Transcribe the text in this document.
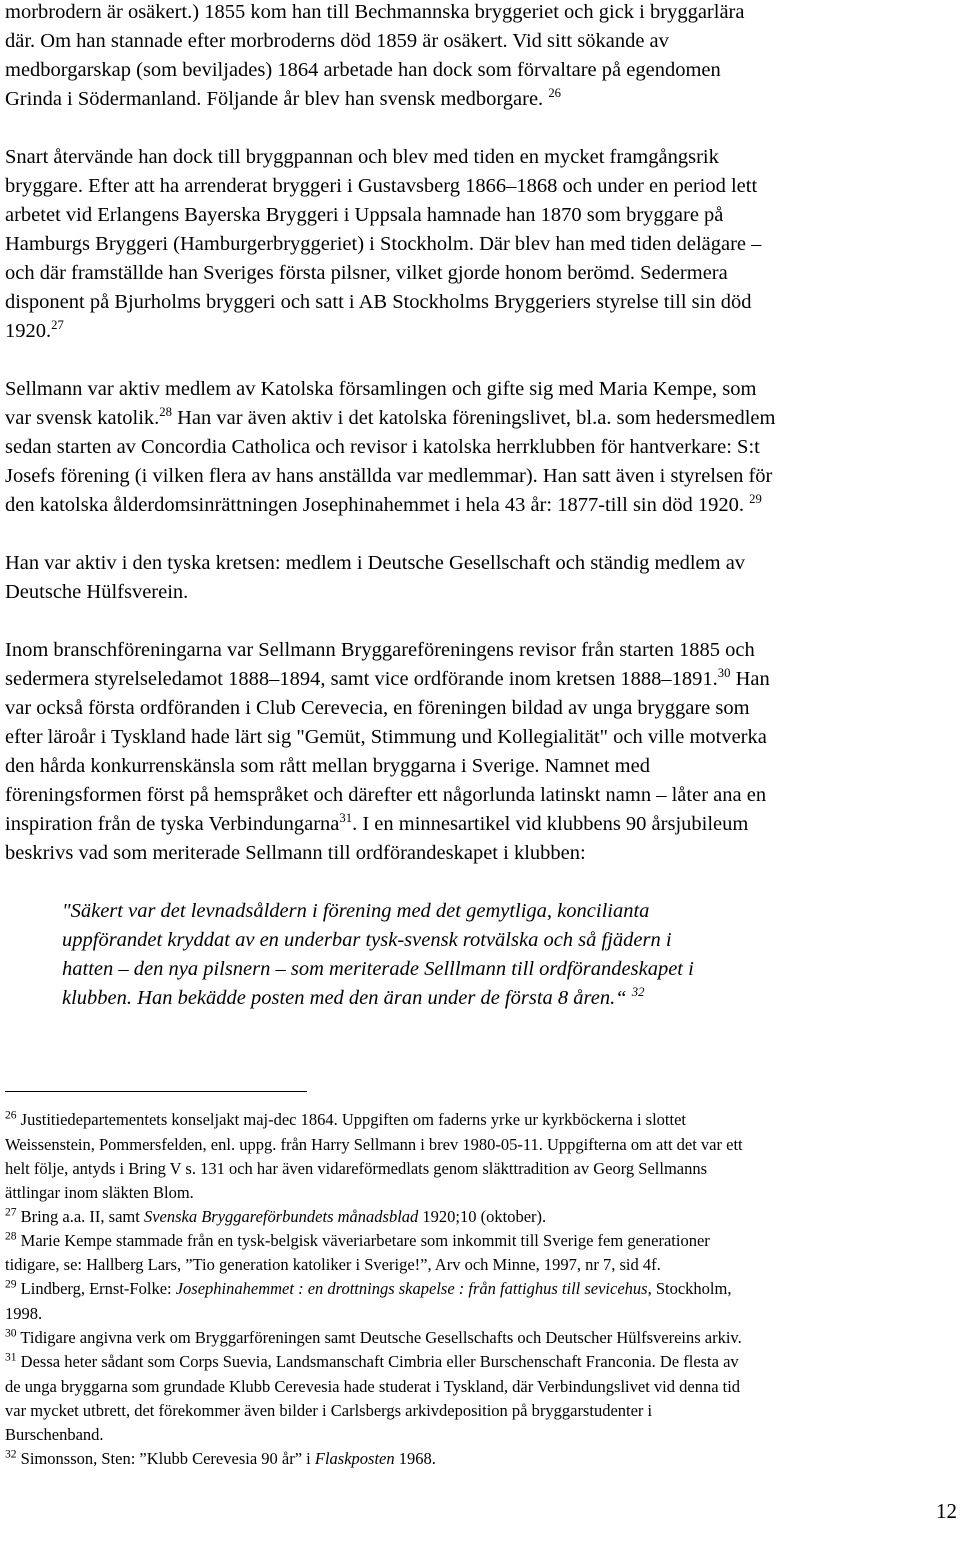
morbrodern är osäkert.) 1855 kom han till Bechmannska bryggeriet och gick i bryggarlära
där. Om han stannade efter morbroderns död 1859 är osäkert. Vid sitt sökande av
medborgarskap (som beviljades) 1864 arbetade han dock som förvaltare på egendomen
Grinda i Södermanland. Följande år blev han svensk medborgare. $^{26}$
Snart återvände han dock till bryggpannan och blev med tiden en mycket framgångsrik
bryggare. Efter att ha arrenderat bryggeri i Gustavsberg 1866–1868 och under en period lett
arbetet vid Erlangens Bayerska Bryggeri i Uppsala hamnade han 1870 som bryggare på
Hamburgs Bryggeri (Hamburgerbryggeriet) i Stockholm. Där blev han med tiden delägare –
och där framställde han Sveriges första pilsner, vilket gjorde honom berömd. Sedermera
disponent på Bjurholms bryggeri och satt i AB Stockholms Bryggeriers styrelse till sin död
1920.27
Sellmann var aktiv medlem av Katolska församlingen och gifte sig med Maria Kempe, som
var svensk katolik.$^{28}$ Han var även aktiv i det katolska föreningslivet, bl.a. som hedersmedlem
sedan starten av Concordia Catholica och revisor i katolska herrklubben för hantverkare: S:t
Josefs förening (i vilken flera av hans anställda var medlemmar). Han satt även i styrelsen för
den katolska ålderdomsinrättningen Josephinahemmet i hela 43 år: 1877-till sin död 1920. $^{29}$
Han var aktiv i den tyska kretsen: medlem i Deutsche Gesellschaft och ständig medlem av
Deutsche Hülfsverein.
Inom branschföreningarna var Sellmann Bryggareföreningens revisor från starten 1885 och
sedermera styrelseledamot 1888–1894, samt vice ordförande inom kretsen 1888–1891.30 Han
var också första ordföranden i Club Cerevecia, en föreningen bildad av unga bryggare som
efter läroår i Tyskland hade lärt sig "Gemüt, Stimmung und Kollegialität" och ville motverka
den hårda konkurrenskänsla som rått mellan bryggarna i Sverige. Namnet med
föreningsformen först på hemspråket och därefter ett någorlunda latinskt namn – låter ana en
inspiration från de tyska Verbindungarna$^{31}$. I en minnesartikel vid klubbens 90 årsjubileum
beskrivs vad som meriterade Sellmann till ordförandeskapet i klubben:
"Säkert var det levnadsåldern i förening med det gemytliga, koncilianta
uppförandet kryddat av en underbar tysk-svensk rotvälska och så fjädern i
hatten – den nya pilsnern – som meriterade Selllmann till ordförandeskapet i
klubben. Han bekädde posten med den äran under de första 8 åren.“ $^{32}$
$^{26}$ Justitiedepartementets konseljakt maj-dec 1864. Uppgiften om faderns yrke ur kyrkböckerna i slottet
Weissenstein, Pommersfelden, enl. uppg. från Harry Sellmann i brev 1980-05-11. Uppgifterna om att det var ett
helt följe, antyds i Bring V s. 131 och har även vidareförmedlats genom släkttradition av Georg Sellmanns
ättlingar inom släkten Blom.
$^{27}$ Bring a.a. II, samt Svenska Bryggareförbundets månadsblad 1920;10 (oktober).
$^{28}$ Marie Kempe stammade från en tysk-belgisk väveriarbetare som inkommit till Sverige fem generationer
tidigare, se: Hallberg Lars, ”Tio generation katoliker i Sverige!”, Arv och Minne, 1997, nr 7, sid 4f.
$^{29}$ Lindberg, Ernst-Folke: Josephinahemmet : en drottnings skapelse : från fattighus till sevicehus, Stockholm,
1998.
$^{30}$ Tidigare angivna verk om Bryggarföreningen samt Deutsche Gesellschafts och Deutscher Hülfsvereins arkiv.
$^{31}$ Dessa heter sådant som Corps Suevia, Landsmanschaft Cimbria eller Burschenschaft Franconia. De flesta av
de unga bryggarna som grundade Klubb Cerevesia hade studerat i Tyskland, där Verbindungslivet vid denna tid
var mycket utbrett, det förekommer även bilder i Carlsbergs arkivdeposition på bryggarstudenter i
Burschenband.
$^{32}$ Simonsson, Sten: ”Klubb Cerevesia 90 år” i Flaskposten 1968.
12
